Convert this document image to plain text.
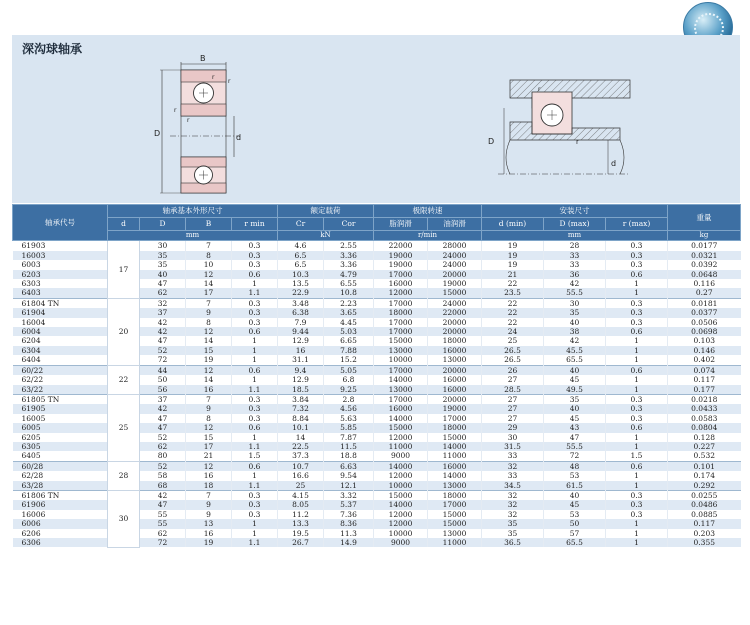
深沟球轴承
B
r
r
r
r
D	d
r
D	r
d
轴承代号	轴承基本外形尺寸				额定载荷		极限转速		安装尺寸			重量
	d	D	B	r min	Cr	Cor	脂润滑	油润滑	d (min)	D (max)	r (max)	
	mm				kN		r/min		mm			kg
61903	17	30	7	0.3	4.6	2.55	22000	28000	19	28	0.3	0.0177
16003		35	8	0.3	6.5	3.36	19000	24000	19	33	0.3	0.0321
6003		35	10	0.3	6.5	3.36	19000	24000	19	33	0.3	0.0392
6203		40	12	0.6	10.3	4.79	17000	20000	21	36	0.6	0.0648
6303		47	14	1	13.5	6.55	16000	19000	22	42	1	0.116
6403		62	17	1.1	22.9	10.8	12000	15000	23.5	55.5	1	0.27
61804 TN	20	32	7	0.3	3.48	2.23	17000	24000	22	30	0.3	0.0181
61904		37	9	0.3	6.38	3.65	18000	22000	22	35	0.3	0.0377
16004		42	8	0.3	7.9	4.45	17000	20000	22	40	0.3	0.0506
6004		42	12	0.6	9.44	5.03	17000	20000	24	38	0.6	0.0698
6204		47	14	1	12.9	6.65	15000	18000	25	42	1	0.103
6304		52	15	1	16	7.88	13000	16000	26.5	45.5	1	0.146
6404		72	19	1	31.1	15.2	10000	13000	26.5	65.5	1	0.402
60/22	22	44	12	0.6	9.4	5.05	17000	20000	26	40	0.6	0.074
62/22		50	14	1	12.9	6.8	14000	16000	27	45	1	0.117
63/22		56	16	1.1	18.5	9.25	13000	16000	28.5	49.5	1	0.177
61805 TN	25	37	7	0.3	3.84	2.8	17000	20000	27	35	0.3	0.0218
61905		42	9	0.3	7.32	4.56	16000	19000	27	40	0.3	0.0433
16005		47	8	0.3	8.84	5.63	14000	17000	27	45	0.3	0.0583
6005		47	12	0.6	10.1	5.85	15000	18000	29	43	0.6	0.0804
6205		52	15	1	14	7.87	12000	15000	30	47	1	0.128
6305		62	17	1.1	22.5	11.5	11000	14000	31.5	55.5	1	0.227
6405		80	21	1.5	37.3	18.8	9000	11000	33	72	1.5	0.532
60/28	28	52	12	0.6	10.7	6.63	14000	16000	32	48	0.6	0.101
62/28		58	16	1	16.6	9.54	12000	14000	33	53	1	0.174
63/28		68	18	1.1	25	12.1	10000	13000	34.5	61.5	1	0.292
61806 TN	30	42	7	0.3	4.15	3.32	15000	18000	32	40	0.3	0.0255
61906		47	9	0.3	8.05	5.37	14000	17000	32	45	0.3	0.0486
16006		55	9	0.3	11.2	7.36	12000	15000	32	53	0.3	0.0885
6006		55	13	1	13.3	8.36	12000	15000	35	50	1	0.117
6206		62	16	1	19.5	11.3	10000	13000	35	57	1	0.203
6306		72	19	1.1	26.7	14.9	9000	11000	36.5	65.5	1	0.355
